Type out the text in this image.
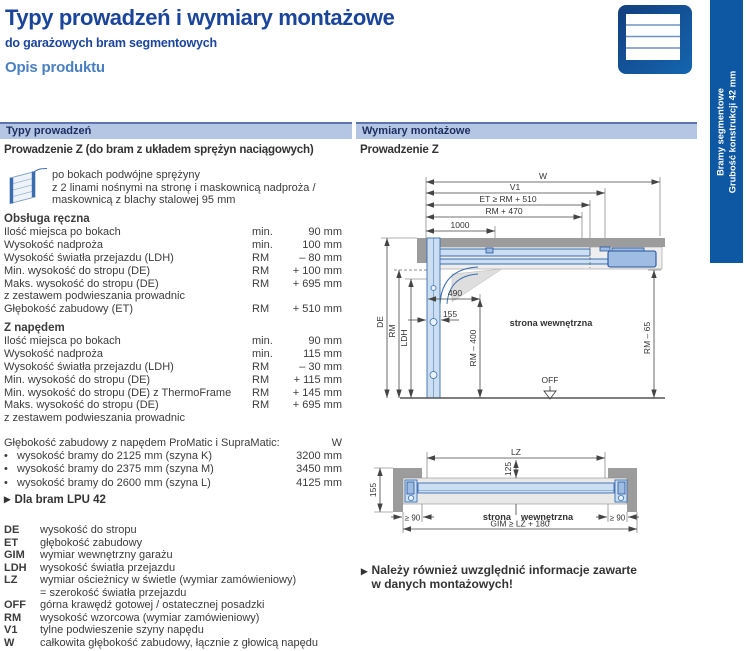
Typy prowadzeń i wymiary montażowe
do garażowych bram segmentowych
Opis produktu
Bramy segmentowe Grubość konstrukcji 42 mm
Typy prowadzeń	Wymiary montażowe
Prowadzenie Z (do bram z układem sprężyn naciągowych)	Prowadzenie Z
po bokach podwójne sprężyny
z 2 linami nośnymi na stronę i maskownicą nadproża /
maskownicą z blachy stalowej 95 mm
Obsługa ręczna
Ilość miejsca po bokach	min.	90 mm
Wysokość nadproża	min.	100 mm
Wysokość światła przejazdu (LDH)	RM	– 80 mm
Min. wysokość do stropu (DE)	RM	+ 100 mm
Maks. wysokość do stropu (DE)	RM	+ 695 mm
z zestawem podwieszania prowadnic
Głębokość zabudowy (ET)	RM	+ 510 mm
Z napędem
Ilość miejsca po bokach	min.	90 mm
Wysokość nadproża	min.	115 mm
Wysokość światła przejazdu (LDH)	RM	– 30 mm
Min. wysokość do stropu (DE)	RM	+ 115 mm
Min. wysokość do stropu (DE) z ThermoFrame	RM	+ 145 mm
Maks. wysokość do stropu (DE)	RM	+ 695 mm
z zestawem podwieszania prowadnic
Głębokość zabudowy z napędem ProMatic i SupraMatic:	W
• wysokość bramy do 2125 mm (szyna K)	3200 mm
• wysokość bramy do 2375 mm (szyna M)	3450 mm
• wysokość bramy do 2600 mm (szyna L)	4125 mm
▶ Dla bram LPU 42
DE	wysokość do stropu
ET	głębokość zabudowy
GIM	wymiar wewnętrzny garażu
LDH	wysokość światła przejazdu
LZ	wymiar ościeżnicy w świetle (wymiar zamówieniowy)
= szerokość światła przejazdu
OFF	górna krawędź gotowej / ostatecznej posadzki
RM	wysokość wzorcowa (wymiar zamówieniowy)
V1	tylne podwieszenie szyny napędu
W	całkowita głębokość zabudowy, łącznie z głowicą napędu
W
V1
ET ≥ RM + 510
RM + 470
1000
490
155
DE
RM LDH	RM – 400	RM – 65
strona wewnętrzna
OFF
LZ
125
155
≥ 90	≥ 90
strona wewnętrzna
GIM ≥ LZ + 180
▶ Należy również uwzględnić informacje zawarte
w danych montażowych!
